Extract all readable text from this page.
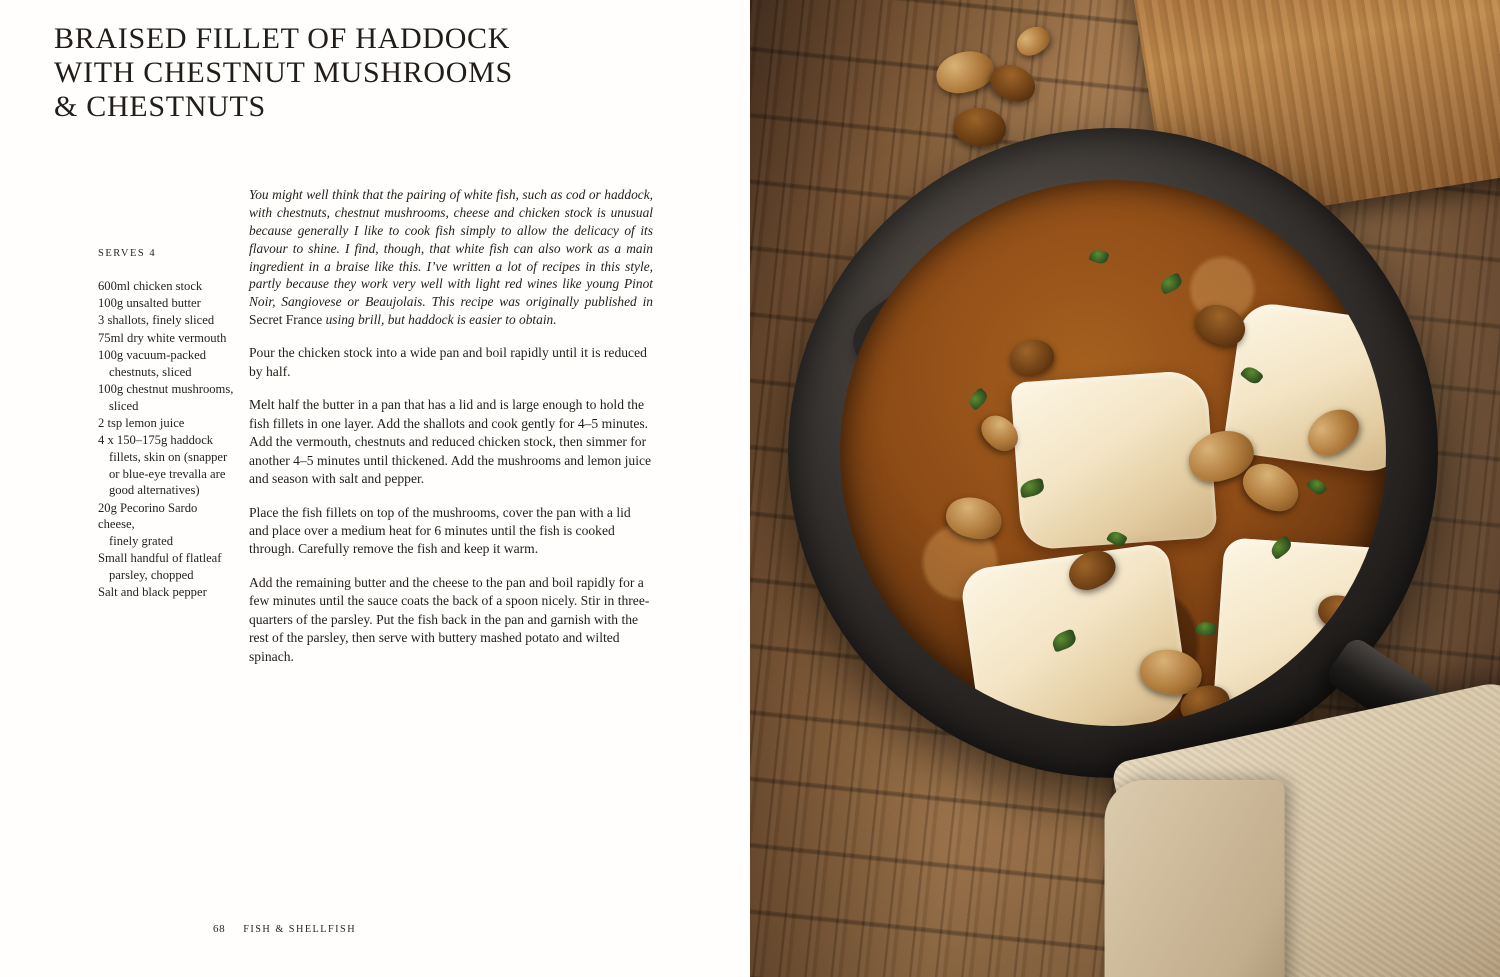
BRAISED FILLET OF HADDOCK
WITH CHESTNUT MUSHROOMS
& CHESTNUTS
SERVES 4
600ml chicken stock
100g unsalted butter
3 shallots, finely sliced
75ml dry white vermouth
100g vacuum-packed
chestnuts, sliced
100g chestnut mushrooms,
sliced
2 tsp lemon juice
4 x 150–175g haddock
fillets, skin on (snapper or blue-eye trevalla are good alternatives)
20g Pecorino Sardo cheese,
finely grated
Small handful of flatleaf
parsley, chopped
Salt and black pepper

You might well think that the pairing of white fish, such as cod or haddock, with chestnuts, chestnut mushrooms, cheese and chicken stock is unusual because generally I like to cook fish simply to allow the delicacy of its flavour to shine. I find, though, that white fish can also work as a main ingredient in a braise like this. I’ve written a lot of recipes in this style, partly because they work very well with light red wines like young Pinot Noir, Sangiovese or Beaujolais. This recipe was originally published in Secret France using brill, but haddock is easier to obtain.

Pour the chicken stock into a wide pan and boil rapidly until it is reduced by half.

Melt half the butter in a pan that has a lid and is large enough to hold the fish fillets in one layer. Add the shallots and cook gently for 4–5 minutes. Add the vermouth, chestnuts and reduced chicken stock, then simmer for another 4–5 minutes until thickened. Add the mushrooms and lemon juice and season with salt and pepper.

Place the fish fillets on top of the mushrooms, cover the pan with a lid and place over a medium heat for 6 minutes until the fish is cooked through. Carefully remove the fish and keep it warm.

Add the remaining butter and the cheese to the pan and boil rapidly for a few minutes until the sauce coats the back of a spoon nicely. Stir in three-quarters of the parsley. Put the fish back in the pan and garnish with the rest of the parsley, then serve with buttery mashed potato and wilted spinach.

68 FISH & SHELLFISH
